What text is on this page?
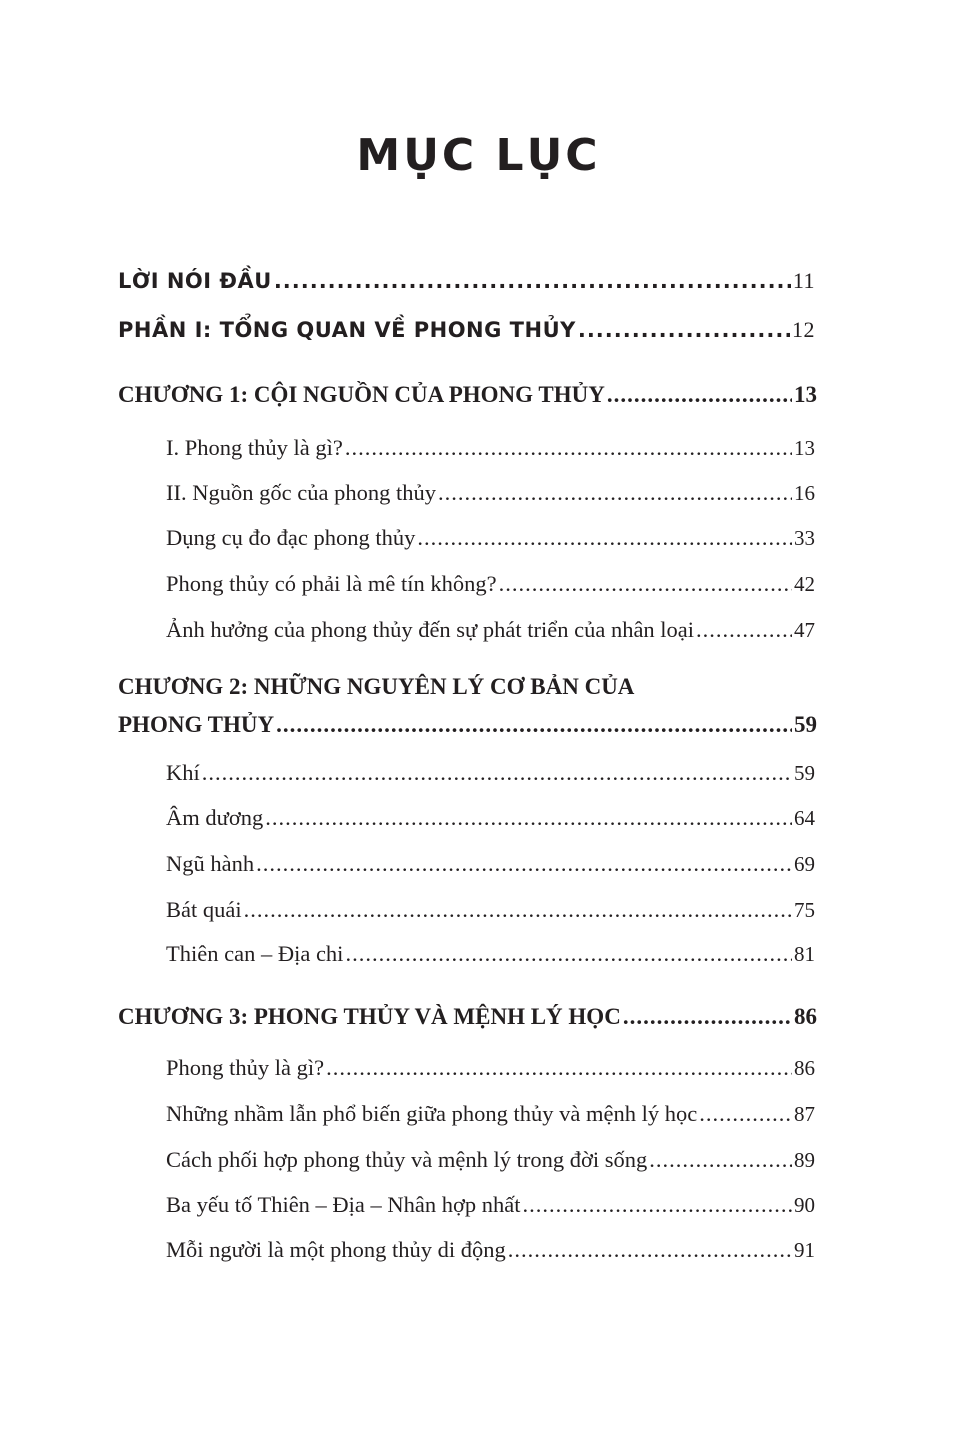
MỤC LỤC
LỜI NÓI ĐẦU .....	11
PHẦN I: TỔNG QUAN VỀ PHONG THỦY .....	12
CHƯƠNG 1: CỘI NGUỒN CỦA PHONG THỦY .....	13
I. Phong thủy là gì? .....	13
II. Nguồn gốc của phong thủy .....	16
Dụng cụ đo đạc phong thủy .....	33
Phong thủy có phải là mê tín không? .....	42
Ảnh hưởng của phong thủy đến sự phát triển của nhân loại .....	47
CHƯƠNG 2: NHỮNG NGUYÊN LÝ CƠ BẢN CỦA
PHONG THỦY .....	59
Khí .....	59
Âm dương .....	64
Ngũ hành .....	69
Bát quái .....	75
Thiên can – Địa chi .....	81
CHƯƠNG 3: PHONG THỦY VÀ MỆNH LÝ HỌC .....	86
Phong thủy là gì? .....	86
Những nhầm lẫn phổ biến giữa phong thủy và mệnh lý học .....	87
Cách phối hợp phong thủy và mệnh lý trong đời sống .....	89
Ba yếu tố Thiên – Địa – Nhân hợp nhất .....	90
Mỗi người là một phong thủy di động .....	91
